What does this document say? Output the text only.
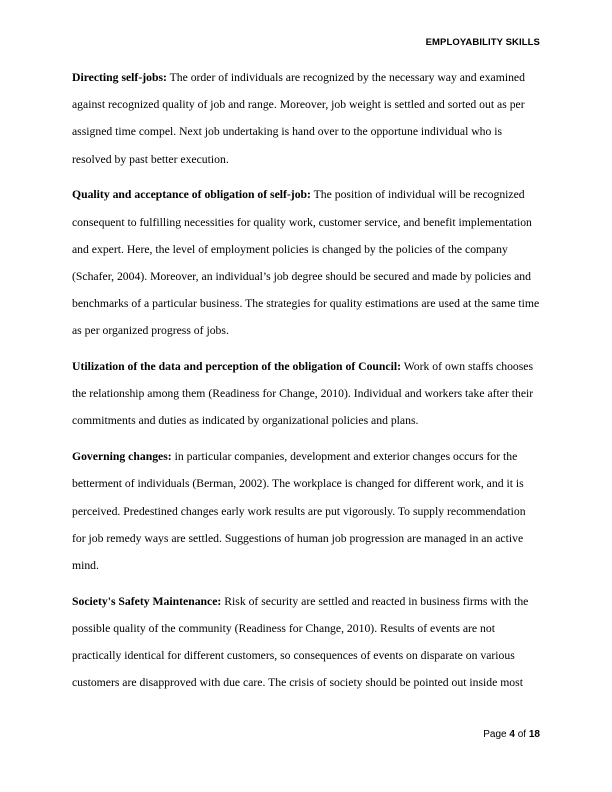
EMPLOYABILITY SKILLS

Directing self-jobs: The order of individuals are recognized by the necessary way and examined against recognized quality of job and range. Moreover, job weight is settled and sorted out as per assigned time compel. Next job undertaking is hand over to the opportune individual who is resolved by past better execution.

Quality and acceptance of obligation of self-job: The position of individual will be recognized consequent to fulfilling necessities for quality work, customer service, and benefit implementation and expert. Here, the level of employment policies is changed by the policies of the company (Schafer, 2004). Moreover, an individual’s job degree should be secured and made by policies and benchmarks of a particular business. The strategies for quality estimations are used at the same time as per organized progress of jobs.

Utilization of the data and perception of the obligation of Council: Work of own staffs chooses the relationship among them (Readiness for Change, 2010). Individual and workers take after their commitments and duties as indicated by organizational policies and plans.

Governing changes: in particular companies, development and exterior changes occurs for the betterment of individuals (Berman, 2002). The workplace is changed for different work, and it is perceived. Predestined changes early work results are put vigorously. To supply recommendation for job remedy ways are settled. Suggestions of human job progression are managed in an active mind.

Society's Safety Maintenance: Risk of security are settled and reacted in business firms with the possible quality of the community (Readiness for Change, 2010). Results of events are not practically identical for different customers, so consequences of events on disparate on various customers are disapproved with due care. The crisis of society should be pointed out inside most

Page 4 of 18
